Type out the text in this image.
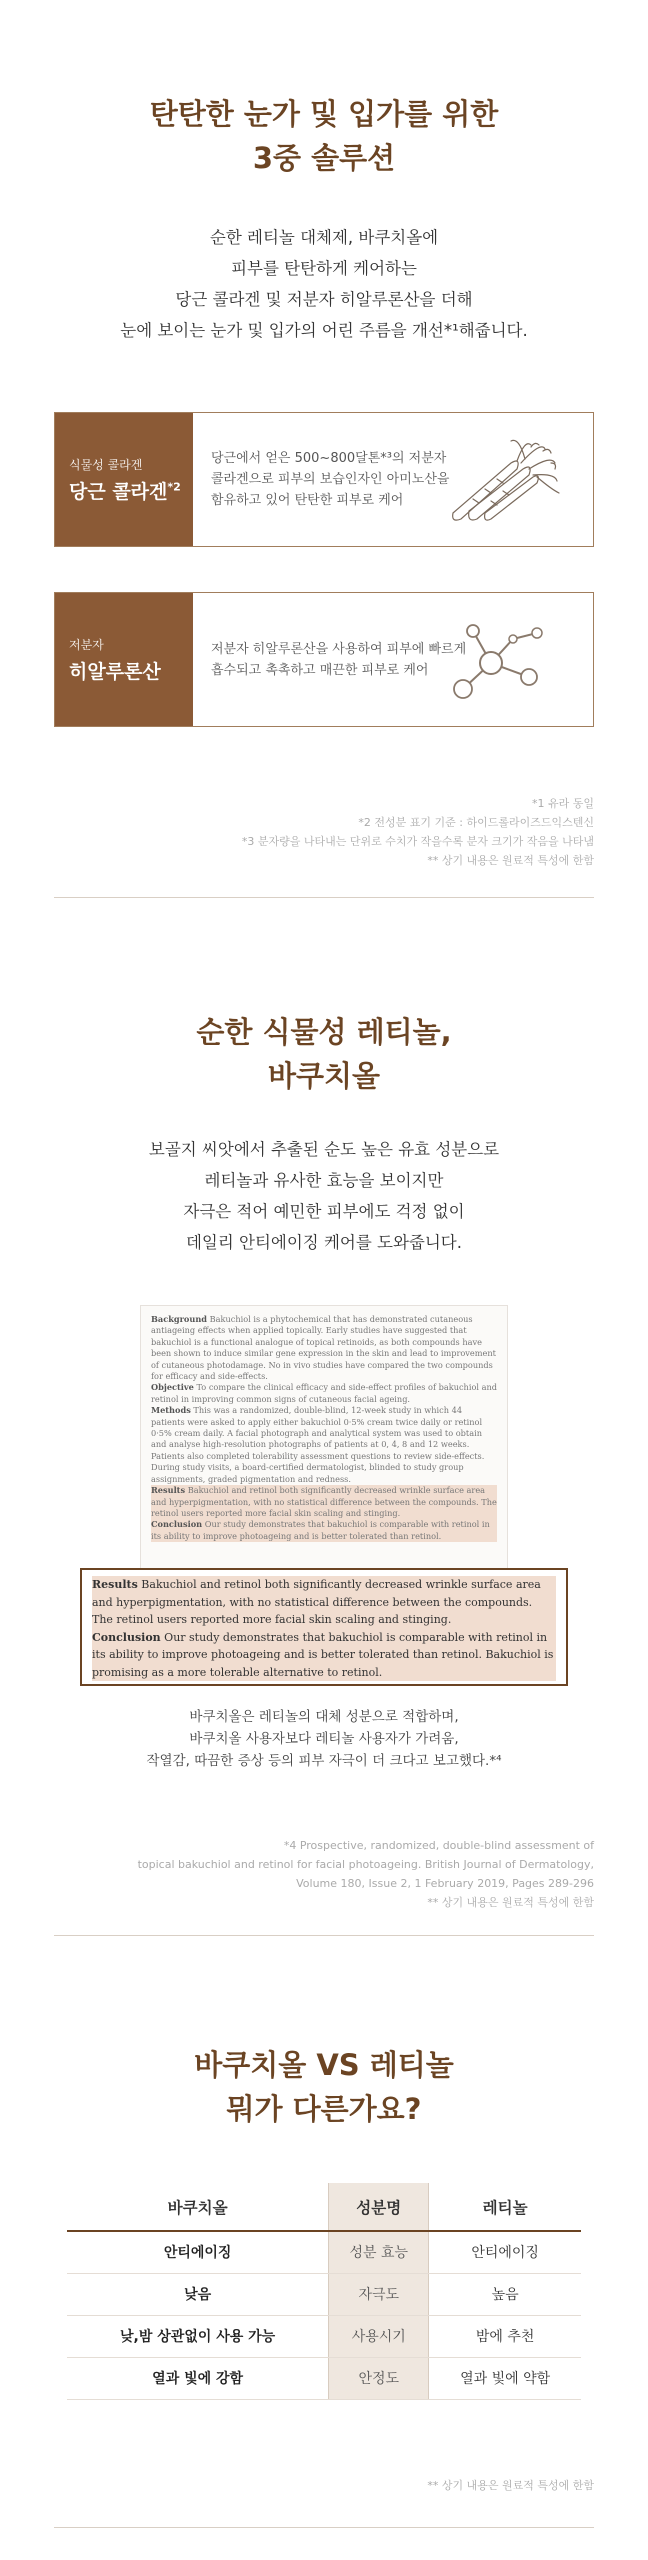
탄탄한 눈가 및 입가를 위한
3중 솔루션
순한 레티놀 대체제, 바쿠치올에
피부를 탄탄하게 케어하는
당근 콜라겐 및 저분자 히알루론산을 더해
눈에 보이는 눈가 및 입가의 어린 주름을 개선*¹해줍니다.
식물성 콜라겐
당근 콜라겐$^{*2}$
당근에서 얻은 500~800달톤*³의 저분자
콜라겐으로 피부의 보습인자인 아미노산을
함유하고 있어 탄탄한 피부로 케어
저분자
히알루론산
저분자 히알루론산을 사용하여 피부에 빠르게
흡수되고 촉촉하고 매끈한 피부로 케어
*1 유라 동일
*2 전성분 표기 기준 : 하이드롤라이즈드익스텐신
*3 분자량을 나타내는 단위로 수치가 작을수록 분자 크기가 작음을 나타냄
** 상기 내용은 원료적 특성에 한함
순한 식물성 레티놀,
바쿠치올
보골지 씨앗에서 추출된 순도 높은 유효 성분으로
레티놀과 유사한 효능을 보이지만
자극은 적어 예민한 피부에도 걱정 없이
데일리 안티에이징 케어를 도와줍니다.

Background Bakuchiol is a phytochemical that has demonstrated cutaneous antiageing effects when applied topically. Early studies have suggested that bakuchiol is a functional analogue of topical retinoids, as both compounds have been shown to induce similar gene expression in the skin and lead to improvement of cutaneous photodamage. No in vivo studies have compared the two compounds for efficacy and side-effects.

Objective To compare the clinical efficacy and side-effect profiles of bakuchiol and retinol in improving common signs of cutaneous facial ageing.

Methods This was a randomized, double-blind, 12-week study in which 44 patients were asked to apply either bakuchiol 0·5% cream twice daily or retinol 0·5% cream daily. A facial photograph and analytical system was used to obtain and analyse high-resolution photographs of patients at 0, 4, 8 and 12 weeks. Patients also completed tolerability assessment questions to review side-effects. During study visits, a board-certified dermatologist, blinded to study group assignments, graded pigmentation and redness.

Results Bakuchiol and retinol both significantly decreased wrinkle surface area and hyperpigmentation, with no statistical difference between the compounds. The retinol users reported more facial skin scaling and stinging.

Conclusion Our study demonstrates that bakuchiol is comparable with retinol in its ability to improve photoageing and is better tolerated than retinol.

Results Bakuchiol and retinol both significantly decreased wrinkle surface area and hyperpigmentation, with no statistical difference between the compounds. The retinol users reported more facial skin scaling and stinging.

Conclusion Our study demonstrates that bakuchiol is comparable with retinol in its ability to improve photoageing and is better tolerated than retinol. Bakuchiol is promising as a more tolerable alternative to retinol.

바쿠치올은 레티놀의 대체 성분으로 적합하며,
바쿠치올 사용자보다 레티놀 사용자가 가려움,
작열감, 따끔한 증상 등의 피부 자극이 더 크다고 보고했다.*⁴
*4 Prospective, randomized, double-blind assessment of
topical bakuchiol and retinol for facial photoageing. British Journal of Dermatology,
Volume 180, Issue 2, 1 February 2019, Pages 289-296
** 상기 내용은 원료적 특성에 한함
바쿠치올 VS 레티놀
뭐가 다른가요?
바쿠치올	성분명	레티놀
안티에이징	성분 효능	안티에이징
낮음	자극도	높음
낮,밤 상관없이 사용 가능	사용시기	밤에 추천
열과 빛에 강함	안정도	열과 빛에 약함
** 상기 내용은 원료적 특성에 한함
